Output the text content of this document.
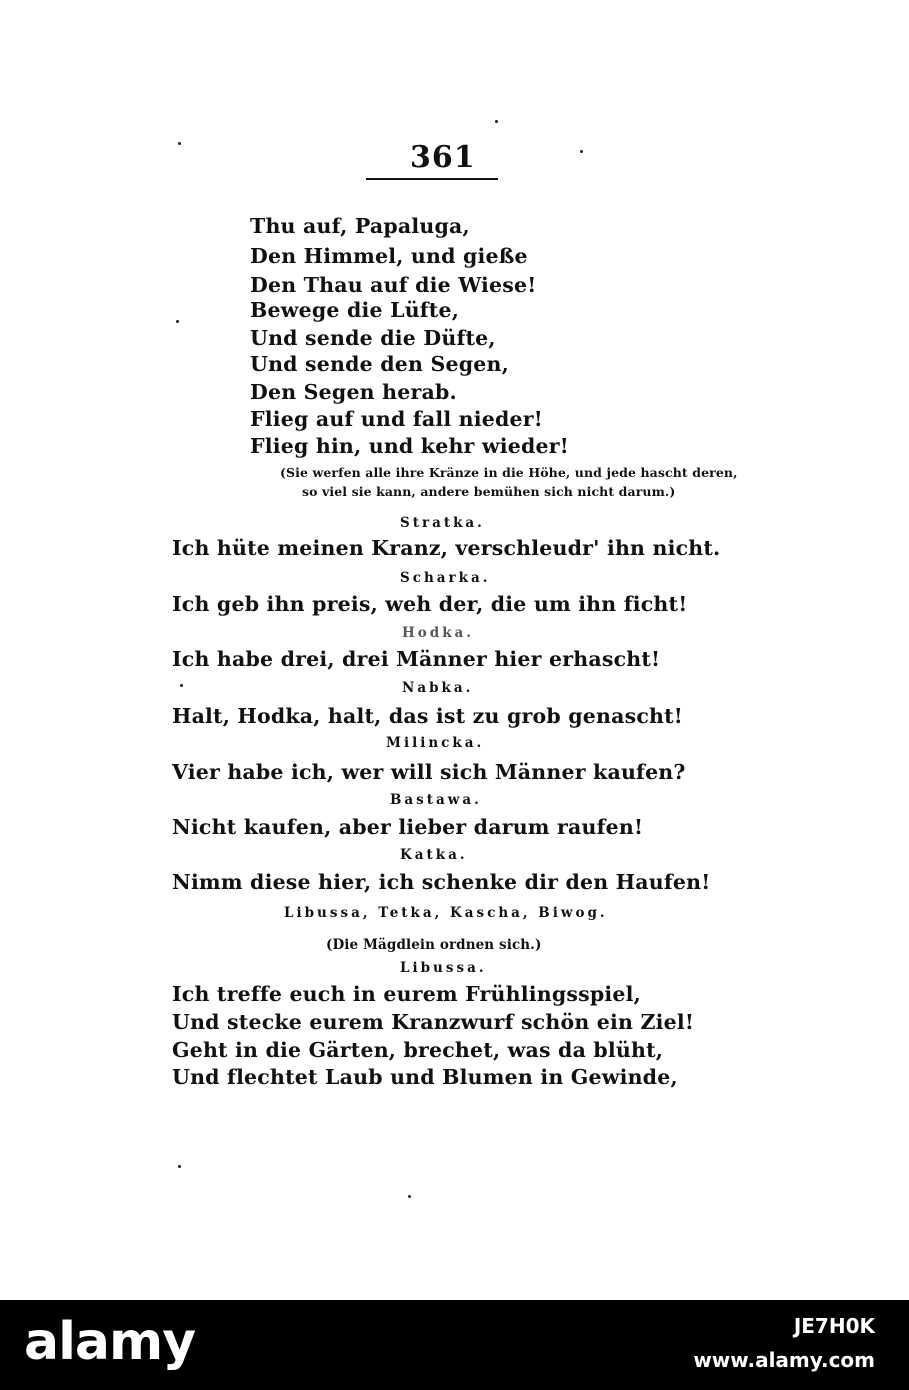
361
Thu auf, Papaluga,
Den Himmel, und gieße
Den Thau auf die Wiese!
Bewege die Lüfte,
Und sende die Düfte,
Und sende den Segen,
Den Segen herab.
Flieg auf und fall nieder!
Flieg hin, und kehr wieder!
(Sie werfen alle ihre Kränze in die Höhe, und jede hascht deren,
so viel sie kann, andere bemühen sich nicht darum.)
Stratka.
Ich hüte meinen Kranz, verschleudr' ihn nicht.
Scharka.
Ich geb ihn preis, weh der, die um ihn ficht!
Hodka.
Ich habe drei, drei Männer hier erhascht!
Nabka.
Halt, Hodka, halt, das ist zu grob genascht!
Milincka.
Vier habe ich, wer will sich Männer kaufen?
Bastawa.
Nicht kaufen, aber lieber darum raufen!
Katka.
Nimm diese hier, ich schenke dir den Haufen!
Libussa, Tetka, Kascha, Biwog.
(Die Mägdlein ordnen sich.)
Libussa.
Ich treffe euch in eurem Frühlingsspiel,
Und stecke eurem Kranzwurf schön ein Ziel!
Geht in die Gärten, brechet, was da blüht,
Und flechtet Laub und Blumen in Gewinde,
alamy	JE7H0K
www.alamy.com
